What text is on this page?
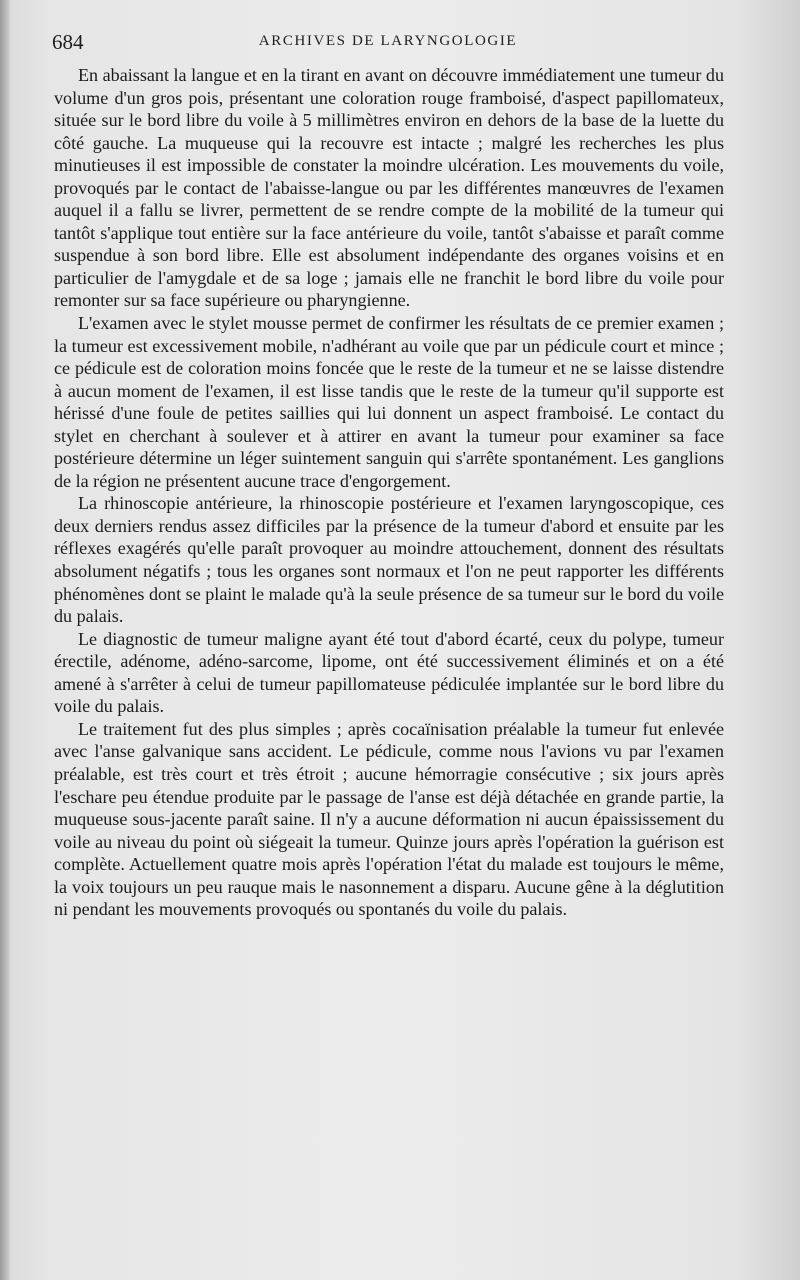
684	ARCHIVES DE LARYNGOLOGIE

En abaissant la langue et en la tirant en avant on découvre immédiatement une tumeur du volume d'un gros pois, présentant une coloration rouge framboisé, d'aspect papillomateux, située sur le bord libre du voile à 5 millimètres environ en dehors de la base de la luette du côté gauche. La muqueuse qui la recouvre est intacte ; malgré les recherches les plus minutieuses il est impossible de constater la moindre ulcération. Les mouvements du voile, provoqués par le contact de l'abaisse-langue ou par les différentes manœuvres de l'examen auquel il a fallu se livrer, permettent de se rendre compte de la mobilité de la tumeur qui tantôt s'applique tout entière sur la face antérieure du voile, tantôt s'abaisse et paraît comme suspendue à son bord libre. Elle est absolument indépendante des organes voisins et en particulier de l'amygdale et de sa loge ; jamais elle ne franchit le bord libre du voile pour remonter sur sa face supérieure ou pharyngienne.

L'examen avec le stylet mousse permet de confirmer les résultats de ce premier examen ; la tumeur est excessivement mobile, n'adhérant au voile que par un pédicule court et mince ; ce pédicule est de coloration moins foncée que le reste de la tumeur et ne se laisse distendre à aucun moment de l'examen, il est lisse tandis que le reste de la tumeur qu'il supporte est hérissé d'une foule de petites saillies qui lui donnent un aspect framboisé. Le contact du stylet en cherchant à soulever et à attirer en avant la tumeur pour examiner sa face postérieure détermine un léger suintement sanguin qui s'arrête spontanément. Les ganglions de la région ne présentent aucune trace d'engorgement.

La rhinoscopie antérieure, la rhinoscopie postérieure et l'examen laryngoscopique, ces deux derniers rendus assez difficiles par la présence de la tumeur d'abord et ensuite par les réflexes exagérés qu'elle paraît provoquer au moindre attouchement, donnent des résultats absolument négatifs ; tous les organes sont normaux et l'on ne peut rapporter les différents phénomènes dont se plaint le malade qu'à la seule présence de sa tumeur sur le bord du voile du palais.

Le diagnostic de tumeur maligne ayant été tout d'abord écarté, ceux du polype, tumeur érectile, adénome, adéno-sarcome, lipome, ont été successivement éliminés et on a été amené à s'arrêter à celui de tumeur papillomateuse pédiculée implantée sur le bord libre du voile du palais.

Le traitement fut des plus simples ; après cocaïnisation préalable la tumeur fut enlevée avec l'anse galvanique sans accident. Le pédicule, comme nous l'avions vu par l'examen préalable, est très court et très étroit ; aucune hémorragie consécutive ; six jours après l'eschare peu étendue produite par le passage de l'anse est déjà détachée en grande partie, la muqueuse sous-jacente paraît saine. Il n'y a aucune déformation ni aucun épaississement du voile au niveau du point où siégeait la tumeur. Quinze jours après l'opération la guérison est complète. Actuellement quatre mois après l'opération l'état du malade est toujours le même, la voix toujours un peu rauque mais le nasonnement a disparu. Aucune gêne à la déglutition ni pendant les mouvements provoqués ou spontanés du voile du palais.
